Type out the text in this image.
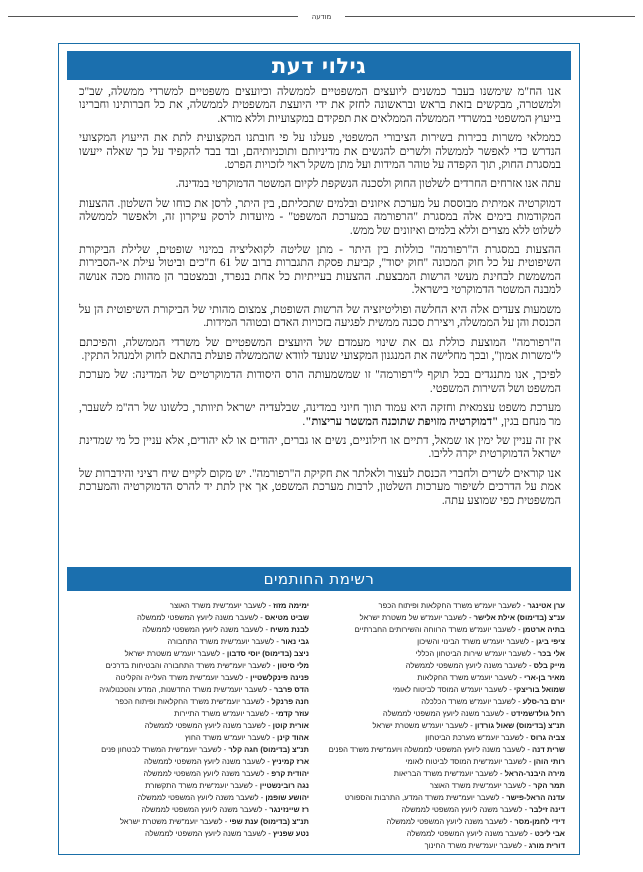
מודעה
גילוי דעת

אנו הח"מ שימשנו בעבר כמשנים ליועצים המשפטיים לממשלה וכיועצים משפטיים למשרדי ממשלה, שב"כ ולמשטרה, מבקשים בזאת בראש ובראשונה לחזק את ידי היועצת המשפטית לממשלה, את כל חברותינו וחברינו בייעוץ המשפטי במשרדי הממשלה הממלאים את תפקידם במקצועיות וללא מורא.

כממלאי משרות בכירות בשירות הציבורי המשפטי, פעלנו על פי חובתנו המקצועית לתת את הייעוץ המקצועי הנדרש כדי לאפשר לממשלה ולשרים להגשים את מדיניותם ותוכניותיהם, ובד בבד להקפיד על כך שאלה ייעשו במסגרת החוק, תוך הקפדה על טוהר המידות ועל מתן משקל ראוי לזכויות הפרט.

עתה אנו אזרחים החרדים לשלטון החוק ולסכנה הנשקפת לקיום המשטר הדמוקרטי במדינה.

דמוקרטיה אמיתית מבוססת על מערכת איזונים ובלמים שתכליתם, בין היתר, לרסן את כוחו של השלטון. ההצעות המקודמות בימים אלה במסגרת "הרפורמה במערכת המשפט" - מיועדות לרסק עיקרון זה, ולאפשר לממשלה לשלוט ללא מצרים וללא בלמים ואיזונים של ממש.

ההצעות במסגרת ה"רפורמה" כוללות בין היתר - מתן שליטה לקואליציה במינוי שופטים, שלילת הביקורת השיפוטית על כל חוק המכונה "חוק יסוד", קביעת פסקת התגברות ברוב של 61 ח"כים וביטול עילת אי-הסבירות המשמשת לבחינת מעשי הרשות המבצעת. ההצעות בעייתיות כל אחת בנפרד, ובמצטבר הן מהוות מכה אנושה למבנה המשטר הדמוקרטי בישראל.

משמעות צעדים אלה היא החלשה ופוליטיזציה של הרשות השופטת, צמצום מהותי של הביקורת השיפוטית הן על הכנסת והן על הממשלה, ויצירת סכנה ממשית לפגיעה בזכויות האדם ובטוהר המידות.

ה"רפורמה" המוצעת כוללת גם את שינוי מעמדם של היועצים המשפטיים של משרדי הממשלה, והפיכתם ל"משרות אמון", ובכך מחלישה את המנגנון המקצועי שנועד לוודא שהממשלה פועלת בהתאם לחוק ולמנהל התקין.

לפיכך, אנו מתנגדים בכל תוקף ל"רפורמה" זו שמשמעותה הרס היסודות הדמוקרטיים של המדינה: של מערכת המשפט ושל השירות המשפטי.

מערכת משפט עצמאית וחזקה היא עמוד תווך חיוני במדינה, שבלעדיה ישראל תיוותר, כלשונו של רה"מ לשעבר, מר מנחם בגין, "דמוקרטיה מזויפת שתוכנה המשטר עריצות".

אין זה עניין של ימין או שמאל, דתיים או חילוניים, נשים או גברים, יהודים או לא יהודים, אלא עניין כל מי שמדינת ישראל הדמוקרטית יקרה לליבו.

אנו קוראים לשרים ולחברי הכנסת לעצור ולאלתר את חקיקת ה"רפורמה". יש מקום לקיים שיח רציני והידברות של אמת על הדרכים לשיפור מערכות השלטון, לרבות מערכת המשפט, אך אין לתת יד להרס הדמוקרטיה והמערכת המשפטית כפי שמוצע עתה.

רשימת החותמים
ערן אטינגר - לשעבר יועמ"ש משרד החקלאות ופיתוח הכפר
ענ"צ (בדימוס) אילת אלישר - לשעבר יועמ"ש של משטרת ישראל
בתיה ארטמן - לשעבר יועמ"ש משרד הרווחה והשירותים החברתיים
ציפי ביגן - לשעבר יועמ"ש משרד הבינוי והשיכון
אלי בכר - לשעבר יועמ"ש שירות הביטחון הכללי
מייק בלס - לשעבר משנה ליועץ המשפטי לממשלה
מאיר בן-ארי - לשעבר יועמ"ש משרד החקלאות
שמואל בוריצקי - לשעבר יועמ"ש המוסד לביטוח לאומי
יורם בר-סלע - לשעבר יועמ"ש משרד הכלכלה
רחל גולדשמידט - לשעבר משנה ליועץ המשפטי לממשלה
תנ"צ (בדימוס) שאול גורדון - לשעבר יועמ"ש משטרת ישראל
צביה גרוס - לשעבר יועמ"ש מערכת הביטחון
שרית דנה - לשעבר משנה ליועץ המשפטי לממשלה ויועמ"שית משרד הפנים
רותי הוהן - לשעבר יועמ"שית המוסד לביטוח לאומי
מירה היבנר-הראל - לשעבר יועמ"שית משרד הבריאות
תמר הקר - לשעבר יועמ"שית משרד האוצר
עדנה הראל-פישר - לשעבר יועמ"שית משרד המדע, התרבות והספורט
דינה זילבר - לשעבר משנה ליועץ המשפטי לממשלה
דידי לחמן-מסר - לשעבר משנה ליועץ המשפטי לממשלה
אבי ליכט - לשעבר משנה ליועץ המשפטי לממשלה
דורית מורג - לשעבר יועמ"שית משרד החינוך
ימימה מזוז - לשעבר יועמ"שית משרד האוצר
שביט מטיאס - לשעבר משנה ליועץ המשפטי לממשלה
לבנת משיח - לשעבר משנה ליועץ המשפטי לממשלה
גבי נאור - לשעבר יועמ"שית משרד התחבורה
ניצב (בדימוס) יוסי סדבון - לשעבר יועמ"ש משטרת ישראל
מלי סיטון - לשעבר יועמ"שית משרד התחבורה והבטיחות בדרכים
פנינה פינקלשטיין - לשעבר יועמ"שית משרד העלייה והקליטה
הדס פרבר - לשעבר יועמ"שית משרד החדשנות, המדע והטכנולוגיה
חנה פרנקל - לשעבר יועמ"שית משרד החקלאות ופיתוח הכפר
עוזר קדמי - לשעבר יועמ"ש משרד התיירות
אורית קוטן - לשעבר משנה ליועץ המשפטי לממשלה
אהוד קינן - לשעבר יועמ"ש משרד החוץ
תנ"צ (בדימוס) חגה קלר - לשעבר יועמ"שית המשרד לבטחון פנים
ארז קמיניץ - לשעבר משנה ליועץ המשפטי לממשלה
יהודית קרפ - לשעבר משנה ליועץ המשפטי לממשלה
נגה רובינשטיין - לשעבר יועמ"שית משרד התקשורת
יהושע שופמן - לשעבר משנה ליועץ המשפטי לממשלה
רז שיינזינגר - לשעבר משנה ליועץ המשפטי לממשלה
תנ"צ (בדימוס) ענת שפי - לשעבר יועמ"שית משטרת ישראל
נטע שפניץ - לשעבר משנה ליועץ המשפטי לממשלה
